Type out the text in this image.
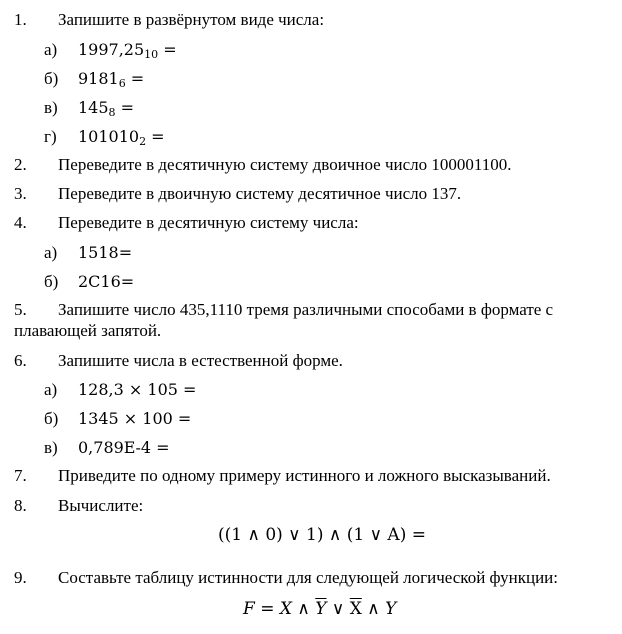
1. Запишите в развёрнутом виде числа:
а) $1997,25_{10}$ =
б) $9181_6$ =
в) $145_8$ =
г) $101010_2$ =
2. Переведите в десятичную систему двоичное число 100001100.
3. Переведите в двоичную систему десятичное число 137.
4. Переведите в десятичную систему числа:
а) 1518=
б) 2С16=
5. Запишите число 435,1110 тремя различными способами в формате с
плавающей запятой.
6. Запишите числа в естественной форме.
а) 128,3 × 105 =
б) 1345 × 100 =
в) 0,789Е-4 =
7. Приведите по одному примеру истинного и ложного высказываний.
8. Вычислите:
((1 ∧ 0) ∨ 1) ∧ (1 ∨ A) =
9. Составьте таблицу истинности для следующей логической функции:
F = X ∧ $\overline{Y}$ ∨ $\overline{X}$ ∧ Y
